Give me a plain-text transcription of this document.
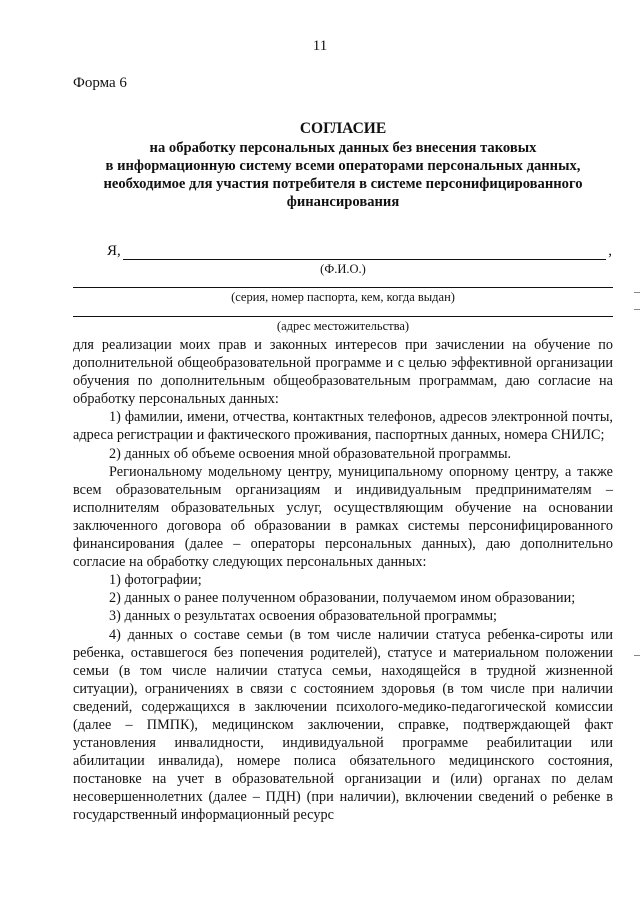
11
Форма 6
СОГЛАСИЕ
на обработку персональных данных без внесения таковых
в информационную систему всеми операторами персональных данных,
необходимое для участия потребителя в системе персонифицированного
финансирования
Я,	,
(Ф.И.О.)
(серия, номер паспорта, кем, когда выдан)
(адрес местожительства)

для реализации моих прав и законных интересов при зачислении на обучение по дополнительной общеобразовательной программе и с целью эффективной организации обучения по дополнительным общеобразовательным программам, даю согласие на обработку персональных данных:

1) фамилии, имени, отчества, контактных телефонов, адресов электронной почты, адреса регистрации и фактического проживания, паспортных данных, номера СНИЛС;

2) данных об объеме освоения мной образовательной программы.

Региональному модельному центру, муниципальному опорному центру, а также всем образовательным организациям и индивидуальным предпринимателям – исполнителям образовательных услуг, осуществляющим обучение на основании заключенного договора об образовании в рамках системы персонифицированного финансирования (далее – операторы персональных данных), даю дополнительно согласие на обработку следующих персональных данных:

1) фотографии;

2) данных о ранее полученном образовании, получаемом ином образовании;

3) данных о результатах освоения образовательной программы;

4) данных о составе семьи (в том числе наличии статуса ребенка-сироты или ребенка, оставшегося без попечения родителей), статусе и материальном положении семьи (в том числе наличии статуса семьи, находящейся в трудной жизненной ситуации), ограничениях в связи с состоянием здоровья (в том числе при наличии сведений, содержащихся в заключении психолого-медико-педагогической комиссии (далее – ПМПК), медицинском заключении, справке, подтверждающей факт установления инвалидности, индивидуальной программе реабилитации или абилитации инвалида), номере полиса обязательного медицинского состояния, постановке на учет в образовательной организации и (или) органах по делам несовершеннолетних (далее – ПДН) (при наличии), включении сведений о ребенке в государственный информационный ресурс
